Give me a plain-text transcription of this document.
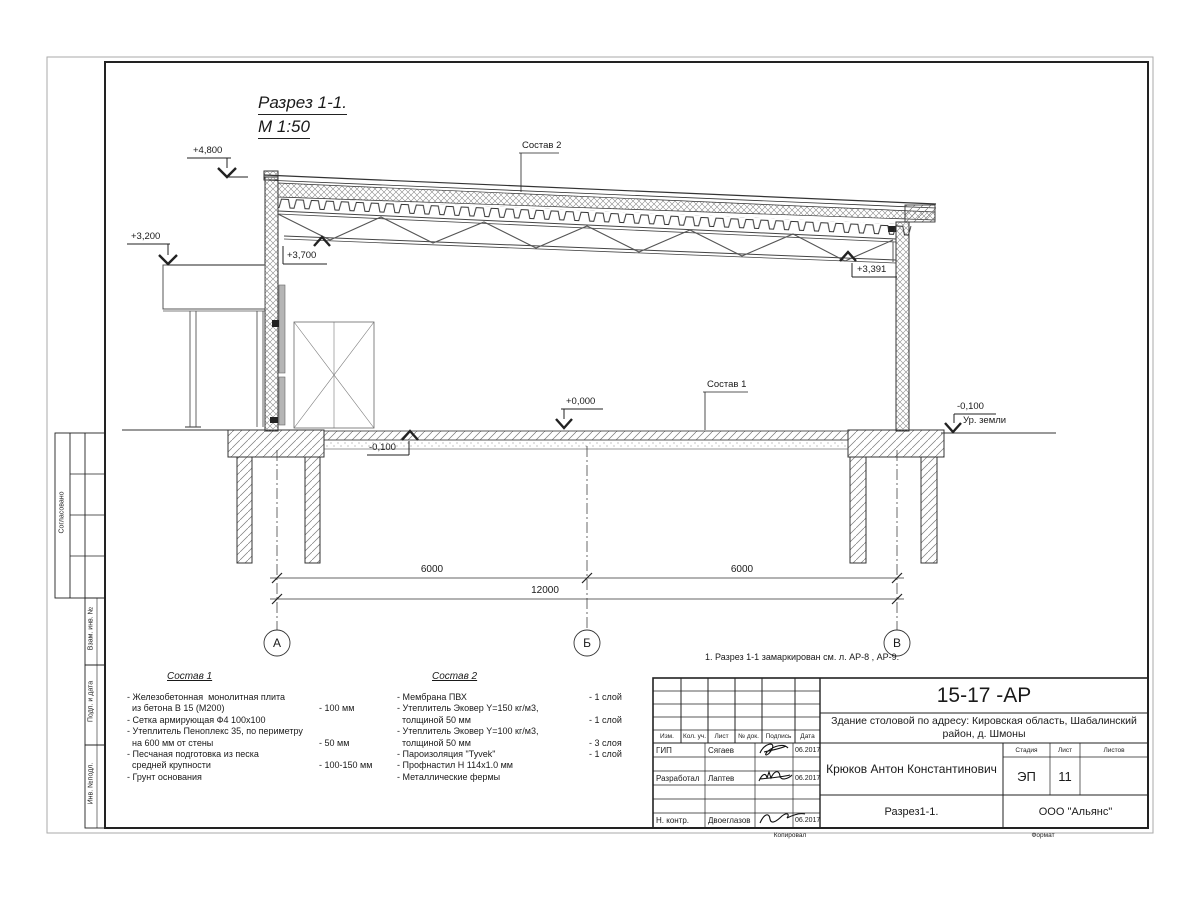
Разрез 1-1.
М 1:50
+4,800
+3,200
+3,700
+3,391
+0,000
-0,100
-0,100
Ур. земли
Состав 2
Состав 1
6000	6000
12000
А	Б	В
1. Разрез 1-1 замаркирован см. л. АР-8 , АР-9.
Состав 1
- Железобетонная  монолитная плита
из бетона В 15 (М200)	- 100 мм
- Сетка армирующая Ф4 100х100
- Утеплитель Пеноплекс 35, по периметру
на 600 мм от стены	- 50 мм
- Песчаная подготовка из песка
средней крупности	- 100-150 мм
- Грунт основания
Состав 2
- Мембрана ПВХ	- 1 слой
- Утеплитель Эковер Y=150 кг/м3,
толщиной 50 мм	- 1 слой
- Утеплитель Эковер Y=100 кг/м3,
толщиной 50 мм	- 3 слоя
- Пароизоляция "Tyvek"	- 1 слой
- Профнастил Н 114х1.0 мм
- Металлические фермы
15-17 -АР
Здание столовой по адресу: Кировская область, Шабалинский район, д. Шмоны
Изм.	Кол. уч.	Лист	№ док.	Подпись	Дата
ГИП	Сягаев	06.2017
Разработал Лаптев	06.2017
Н. контр. Двоеглазов	06.2017
Крюков Антон Константинович
Стадия	Лист	Листов
ЭП	11
Разрез1-1.	ООО "Альянс"
Копировал	Формат
Согласовано
Взам. инв. №
Подп. и дата
Инв. №подл.
